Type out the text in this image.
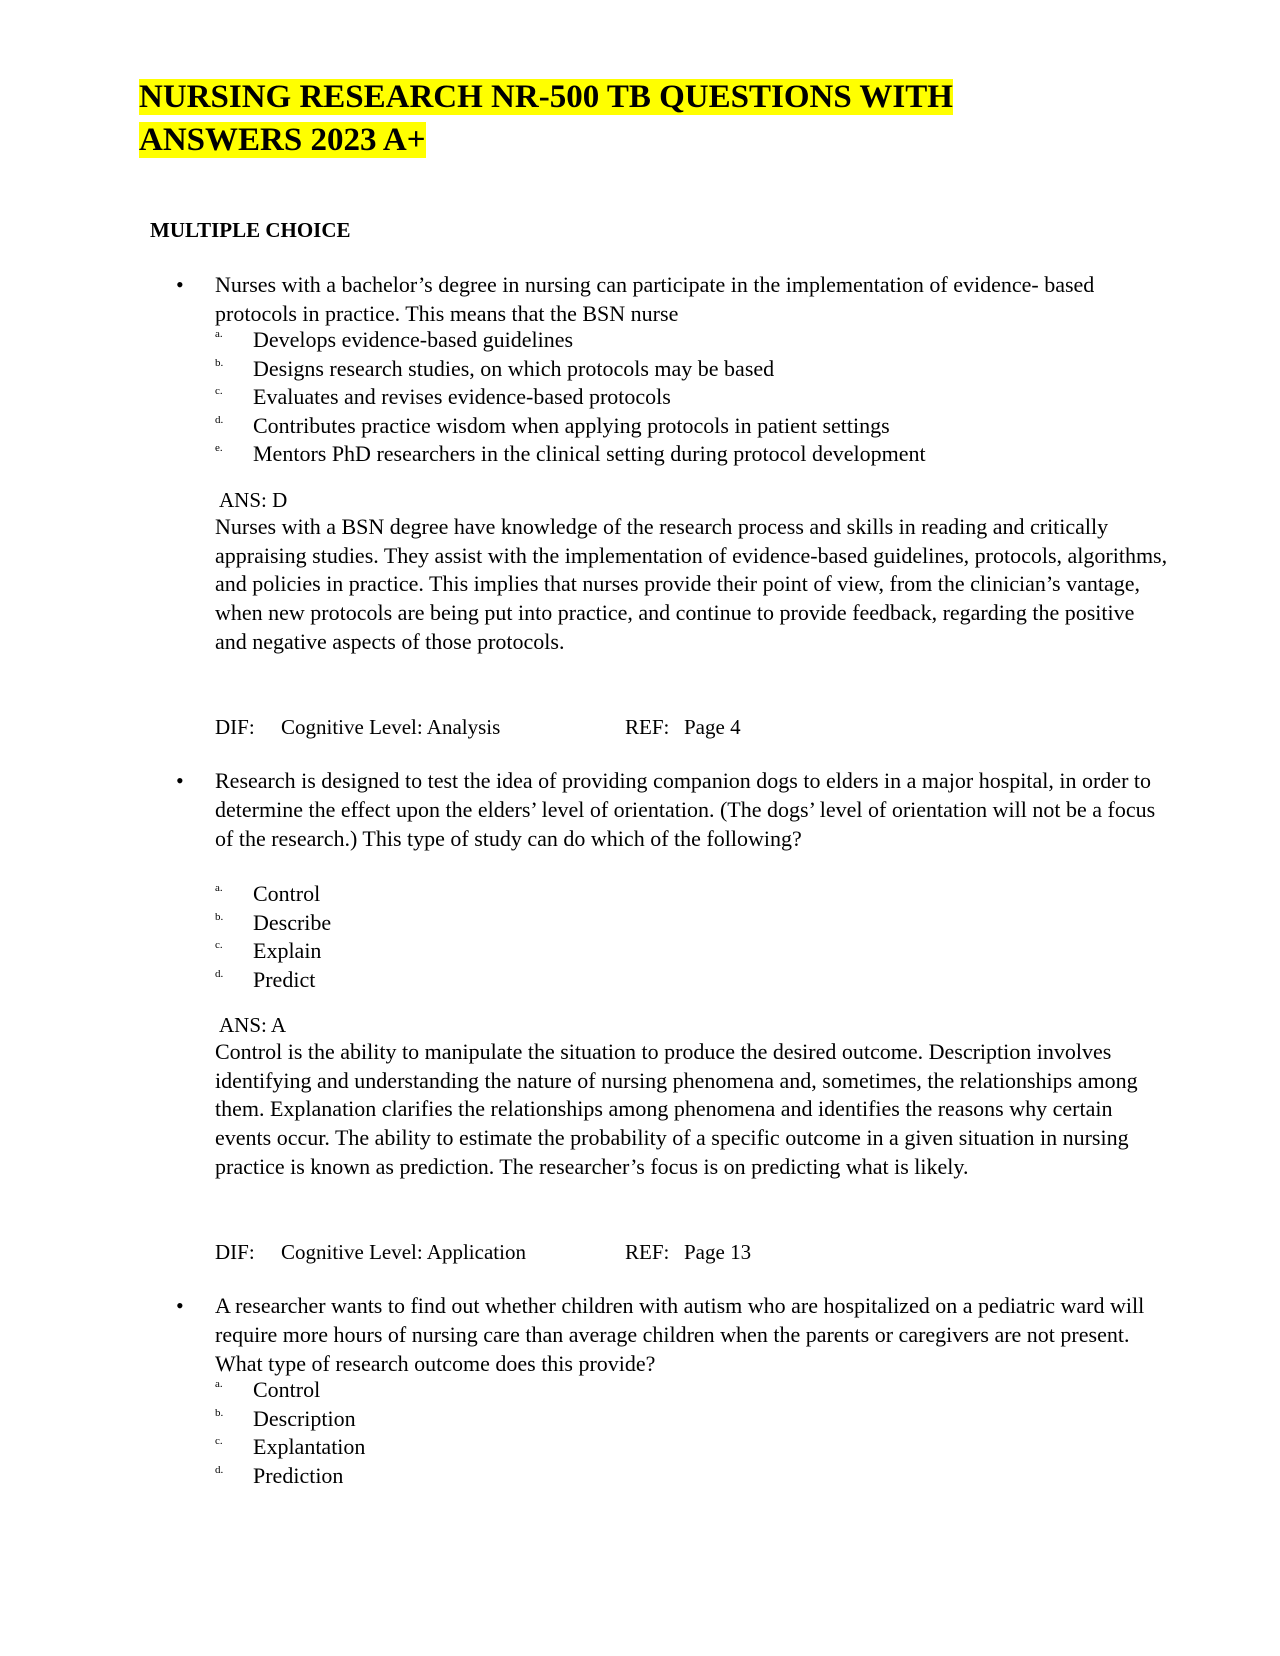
NURSING RESEARCH NR-500 TB QUESTIONS WITH
ANSWERS 2023 A+
MULTIPLE CHOICE
• Nurses with a bachelor’s degree in nursing can participate in the implementation of evidence- based protocols in practice. This means that the BSN nurse

a. Develops evidence-based guidelines
b. Designs research studies, on which protocols may be based
c. Evaluates and revises evidence-based protocols
d. Contributes practice wisdom when applying protocols in patient settings
e. Mentors PhD researchers in the clinical setting during protocol development

ANS: D

Nurses with a BSN degree have knowledge of the research process and skills in reading and critically appraising studies. They assist with the implementation of evidence-based guidelines, protocols, algorithms, and policies in practice. This implies that nurses provide their point of view, from the clinician’s vantage, when new protocols are being put into practice, and continue to provide feedback, regarding the positive and negative aspects of those protocols.

DIF: Cognitive Level: Analysis	REF: Page 4
• Research is designed to test the idea of providing companion dogs to elders in a major hospital, in order to determine the effect upon the elders’ level of orientation. (The dogs’ level of orientation will not be a focus of the research.) This type of study can do which of the following?

a. Control
b. Describe
c. Explain
d. Predict

ANS: A

Control is the ability to manipulate the situation to produce the desired outcome. Description involves identifying and understanding the nature of nursing phenomena and, sometimes, the relationships among them. Explanation clarifies the relationships among phenomena and identifies the reasons why certain events occur. The ability to estimate the probability of a specific outcome in a given situation in nursing practice is known as prediction. The researcher’s focus is on predicting what is likely.

DIF: Cognitive Level: Application	REF: Page 13
• A researcher wants to find out whether children with autism who are hospitalized on a pediatric ward will require more hours of nursing care than average children when the parents or caregivers are not present. What type of research outcome does this provide?

a. Control
b. Description
c. Explantation
d. Prediction
